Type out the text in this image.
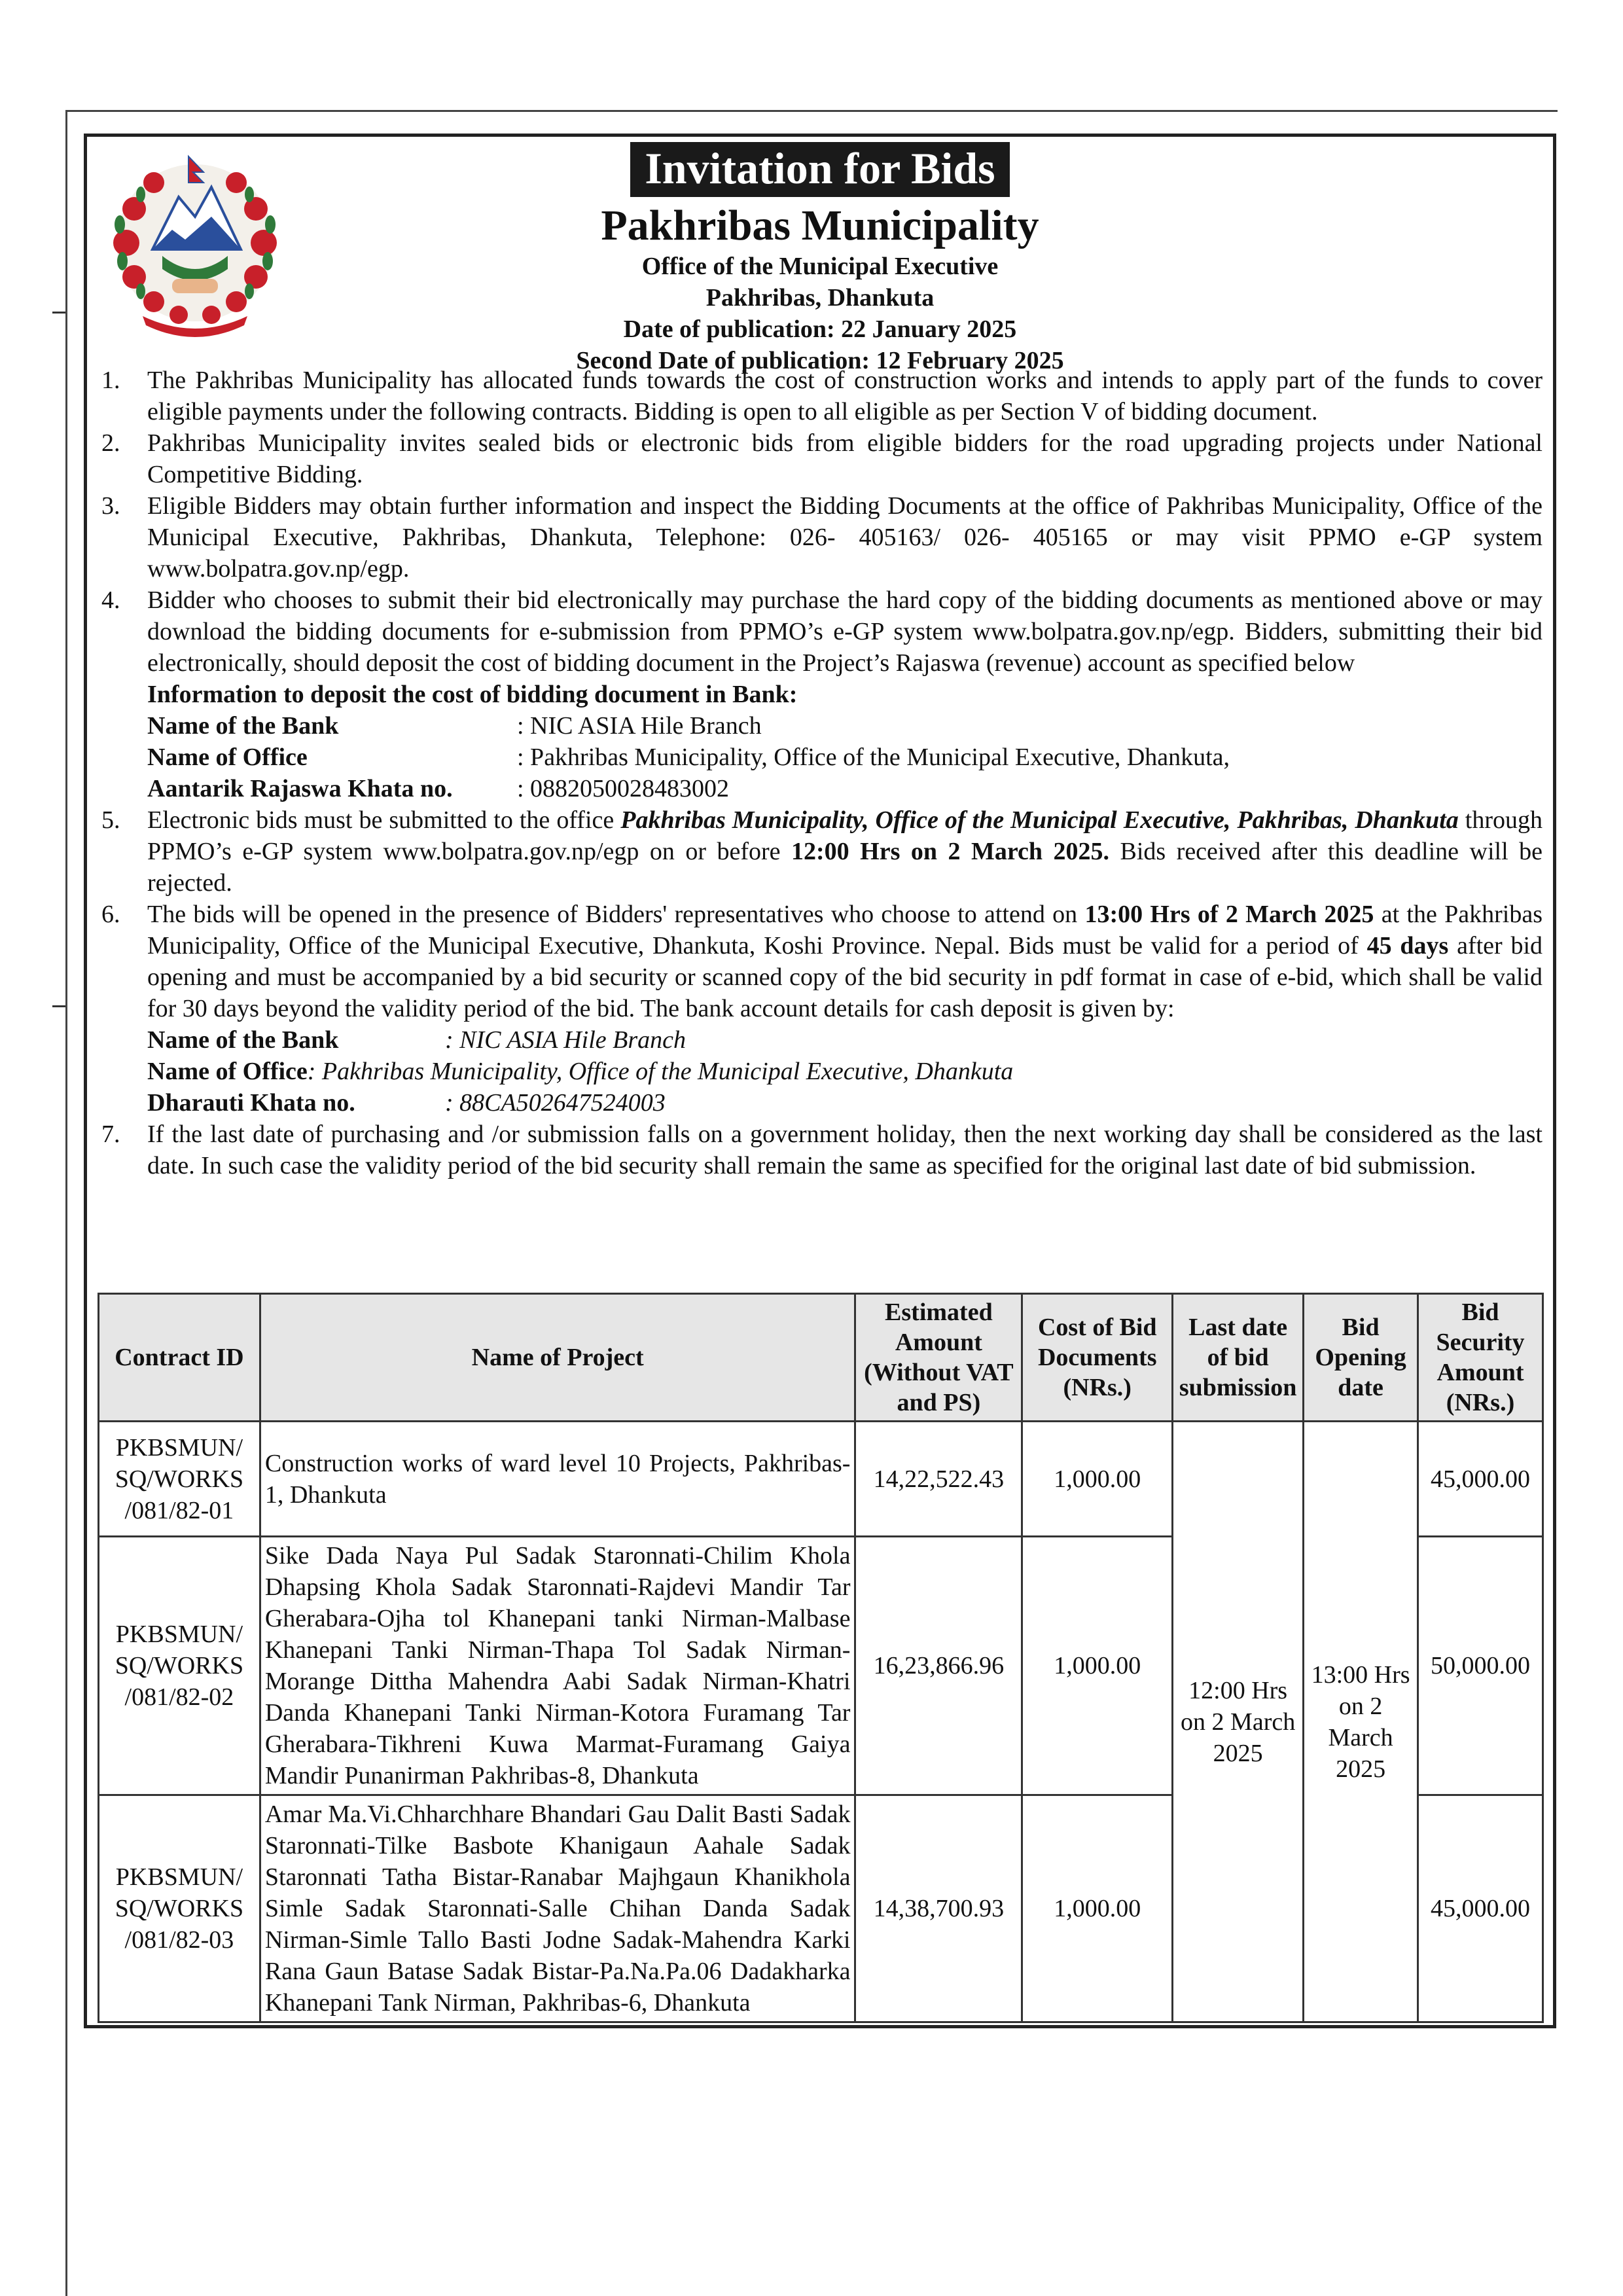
Invitation for Bids
Pakhribas Municipality
Office of the Municipal Executive
Pakhribas, Dhankuta
Date of publication: 22 January 2025
Second Date of publication: 12 February 2025
1.	The Pakhribas Municipality has allocated funds towards the cost of construction works and intends to apply part of the funds to cover eligible payments under the following contracts. Bidding is open to all eligible as per Section V of bidding document.
2.	Pakhribas Municipality invites sealed bids or electronic bids from eligible bidders for the road upgrading projects under National Competitive Bidding.
3.	Eligible Bidders may obtain further information and inspect the Bidding Documents at the office of Pakhribas Municipality, Office of the Municipal Executive, Pakhribas, Dhankuta, Telephone: 026- 405163/ 026- 405165 or may visit PPMO e-GP system www.bolpatra.gov.np/egp.
4.	Bidder who chooses to submit their bid electronically may purchase the hard copy of the bidding documents as mentioned above or may download the bidding documents for e-submission from PPMO’s e-GP system www.bolpatra.gov.np/egp. Bidders, submitting their bid electronically, should deposit the cost of bidding document in the Project’s Rajaswa (revenue) account as specified below
Information to deposit the cost of bidding document in Bank:
Name of the Bank	: NIC ASIA Hile Branch
Name of Office	: Pakhribas Municipality, Office of the Municipal Executive, Dhankuta,
Aantarik Rajaswa Khata no.	: 0882050028483002
5.	Electronic bids must be submitted to the office Pakhribas Municipality, Office of the Municipal Executive, Pakhribas, Dhankuta through PPMO’s e-GP system www.bolpatra.gov.np/egp on or before 12:00 Hrs on 2 March 2025. Bids received after this deadline will be rejected.
6.	The bids will be opened in the presence of Bidders' representatives who choose to attend on 13:00 Hrs of 2 March 2025 at the Pakhribas Municipality, Office of the Municipal Executive, Dhankuta, Koshi Province. Nepal. Bids must be valid for a period of 45 days after bid opening and must be accompanied by a bid security or scanned copy of the bid security in pdf format in case of e-bid, which shall be valid for 30 days beyond the validity period of the bid. The bank account details for cash deposit is given by:
Name of the Bank	: NIC ASIA Hile Branch
Name of Office : Pakhribas Municipality, Office of the Municipal Executive, Dhankuta
Dharauti Khata no.	: 88CA502647524003
7.	If the last date of purchasing and /or submission falls on a government holiday, then the next working day shall be considered as the last date. In such case the validity period of the bid security shall remain the same as specified for the original last date of bid submission.
Contract ID	Name of Project	Estimated Amount (Without VAT and PS)	Cost of Bid Documents (NRs.)	Last date of bid submission	Bid Opening date	Bid Security Amount (NRs.)
PKBSMUN/ SQ/WORKS /081/82-01	Construction works of ward level 10 Projects, Pakhribas-1, Dhankuta	14,22,522.43	1,000.00	12:00 Hrs on 2 March 2025	13:00 Hrs on 2 March 2025	45,000.00
PKBSMUN/ SQ/WORKS /081/82-02	Sike Dada Naya Pul Sadak Staronnati-Chilim Khola Dhapsing Khola Sadak Staronnati-Rajdevi Mandir Tar Gherabara-Ojha tol Khanepani tanki Nirman-Malbase Khanepani Tanki Nirman-Thapa Tol Sadak Nirman-Morange Dittha Mahendra Aabi Sadak Nirman-Khatri Danda Khanepani Tanki Nirman-Kotora Furamang Tar Gherabara-Tikhreni Kuwa Marmat-Furamang Gaiya Mandir Punanirman Pakhribas-8, Dhankuta	16,23,866.96	1,000.00			50,000.00
PKBSMUN/ SQ/WORKS /081/82-03	Amar Ma.Vi.Chharchhare Bhandari Gau Dalit Basti Sadak Staronnati-Tilke Basbote Khanigaun Aahale Sadak Staronnati Tatha Bistar-Ranabar Majhgaun Khanikhola Simle Sadak Staronnati-Salle Chihan Danda Sadak Nirman-Simle Tallo Basti Jodne Sadak-Mahendra Karki Rana Gaun Batase Sadak Bistar-Pa.Na.Pa.06 Dadakharka Khanepani Tank Nirman, Pakhribas-6, Dhankuta	14,38,700.93	1,000.00			45,000.00
